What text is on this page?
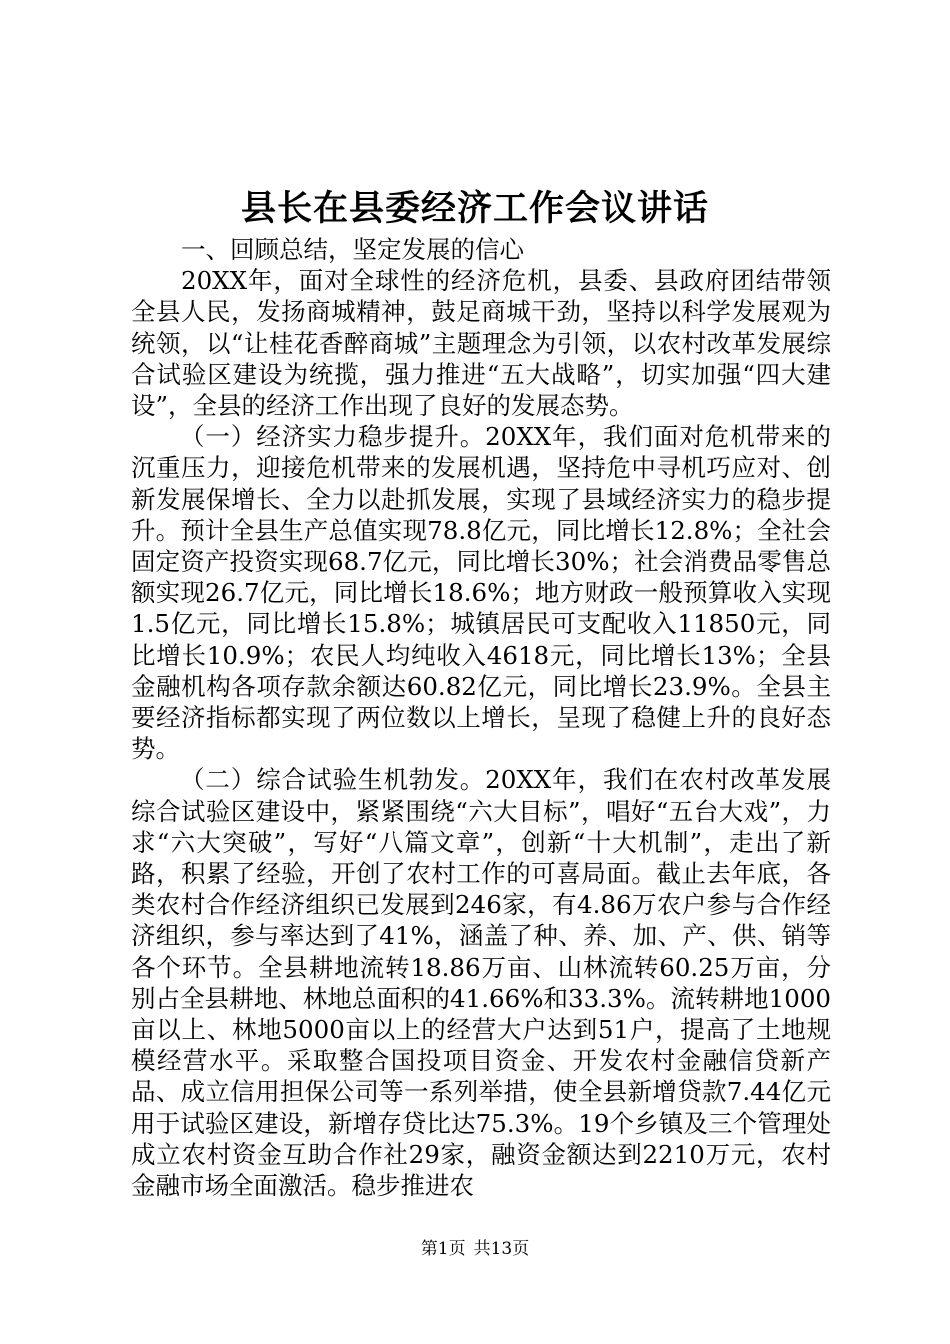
县长在县委经济工作会议讲话

一、回顾总结，坚定发展的信心

20XX年，面对全球性的经济危机，县委、县政府团结带领全县人民，发扬商城精神，鼓足商城干劲，坚持以科学发展观为统领，以“让桂花香醉商城”主题理念为引领，以农村改革发展综合试验区建设为统揽，强力推进“五大战略”，切实加强“四大建设”，全县的经济工作出现了良好的发展态势。

（一）经济实力稳步提升。20XX年，我们面对危机带来的沉重压力，迎接危机带来的发展机遇，坚持危中寻机巧应对、创新发展保增长、全力以赴抓发展，实现了县域经济实力的稳步提升。预计全县生产总值实现78.8亿元，同比增长12.8%；全社会固定资产投资实现68.7亿元，同比增长30%；社会消费品零售总额实现26.7亿元，同比增长18.6%；地方财政一般预算收入实现1.5亿元，同比增长15.8%；城镇居民可支配收入11850元，同比增长10.9%；农民人均纯收入4618元，同比增长13%；全县金融机构各项存款余额达60.82亿元，同比增长23.9%。全县主要经济指标都实现了两位数以上增长，呈现了稳健上升的良好态势。

（二）综合试验生机勃发。20XX年，我们在农村改革发展综合试验区建设中，紧紧围绕“六大目标”，唱好“五台大戏”，力求“六大突破”，写好“八篇文章”，创新“十大机制”，走出了新路，积累了经验，开创了农村工作的可喜局面。截止去年底，各类农村合作经济组织已发展到246家，有4.86万农户参与合作经济组织，参与率达到了41%，涵盖了种、养、加、产、供、销等各个环节。全县耕地流转18.86万亩、山林流转60.25万亩，分别占全县耕地、林地总面积的41.66%和33.3%。流转耕地1000亩以上、林地5000亩以上的经营大户达到51户，提高了土地规模经营水平。采取整合国投项目资金、开发农村金融信贷新产品、成立信用担保公司等一系列举措，使全县新增贷款7.44亿元用于试验区建设，新增存贷比达75.3%。19个乡镇及三个管理处成立农村资金互助合作社29家，融资金额达到2210万元，农村金融市场全面激活。稳步推进农

第1页 共13页
